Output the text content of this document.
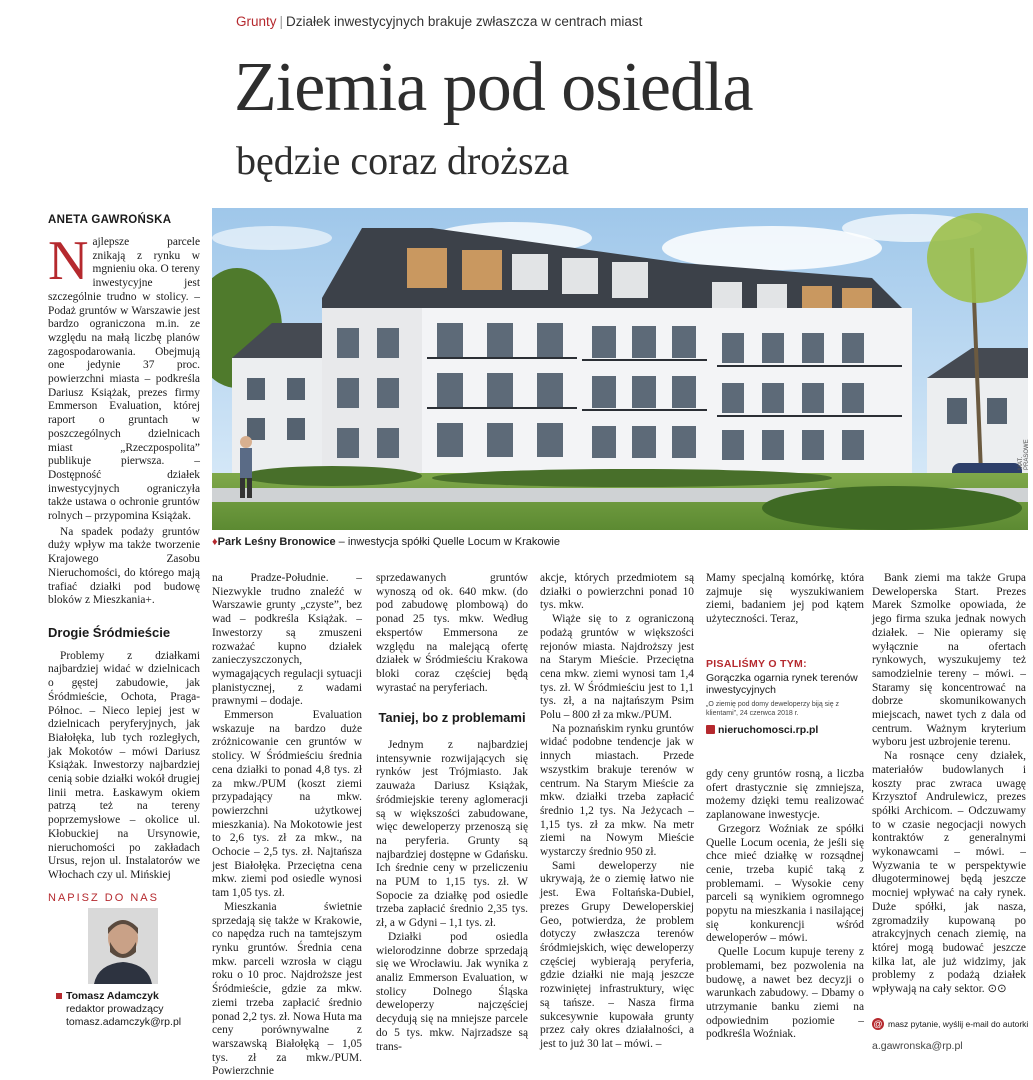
Grunty | Działek inwestycyjnych brakuje zwłaszcza w centrach miast
Ziemia pod osiedla
będzie coraz droższa
ANETA GAWROŃSKA
MAT. PRASOWE
♦Park Leśny Bronowice – inwestycja spółki Quelle Locum w Krakowie

Najlepsze parcele znikają z rynku w mgnieniu oka. O tereny inwestycyjne jest szczególnie trudno w stolicy. – Podaż gruntów w Warszawie jest bardzo ograniczona m.in. ze względu na małą liczbę planów zagospodarowania. Obejmują one jedynie 37 proc. powierzchni miasta – podkreśla Dariusz Książak, prezes firmy Emmerson Evaluation, której raport o gruntach w poszczególnych dzielnicach miast „Rzeczpospolita” publikuje pierwsza. – Dostępność działek inwestycyjnych ograniczyła także ustawa o ochronie gruntów rolnych – przypomina Książak.

Na spadek podaży gruntów duży wpływ ma także tworzenie Krajowego Zasobu Nieruchomości, do którego mają trafiać działki pod budowę bloków z Mieszkania+.

Drogie Śródmieście

Problemy z działkami najbardziej widać w dzielnicach o gęstej zabudowie, jak Śródmieście, Ochota, Praga-Północ. – Nieco lepiej jest w dzielnicach peryferyjnych, jak Białołęka, lub tych rozległych, jak Mokotów – mówi Dariusz Książak. Inwestorzy najbardziej cenią sobie działki wokół drugiej linii metra. Łaskawym okiem patrzą też na tereny poprzemysłowe – okolice ul. Kłobuckiej na Ursynowie, nieruchomości po zakładach Ursus, rejon ul. Instalatorów we Włochach czy ul. Mińskiej

NAPISZ DO NAS
Tomasz Adamczyk
redaktor prowadzący
tomasz.adamczyk@rp.pl

na Pradze-Południe. – Niezwykle trudno znaleźć w Warszawie grunty „czyste”, bez wad – podkreśla Książak. – Inwestorzy są zmuszeni rozważać kupno działek zanieczyszczonych, wymagających regulacji sytuacji planistycznej, z wadami prawnymi – dodaje.

Emmerson Evaluation wskazuje na bardzo duże zróżnicowanie cen gruntów w stolicy. W Śródmieściu średnia cena działki to ponad 4,8 tys. zł za mkw./PUM (koszt ziemi przypadający na mkw. powierzchni użytkowej mieszkania). Na Mokotowie jest to 2,6 tys. zł za mkw., na Ochocie – 2,5 tys. zł. Najtańsza jest Białołęka. Przeciętna cena mkw. ziemi pod osiedle wynosi tam 1,05 tys. zł.

Mieszkania świetnie sprzedają się także w Krakowie, co napędza ruch na tamtejszym rynku gruntów. Średnia cena mkw. parceli wzrosła w ciągu roku o 10 proc. Najdroższe jest Śródmieście, gdzie za mkw. ziemi trzeba zapłacić średnio ponad 2,2 tys. zł. Nowa Huta ma ceny porównywalne z warszawską Białołęką – 1,05 tys. zł za mkw./PUM. Powierzchnie

sprzedawanych gruntów wynoszą od ok. 640 mkw. (do pod zabudowę plombową) do ponad 25 tys. mkw. Według ekspertów Emmersona ze względu na malejącą ofertę działek w Śródmieściu Krakowa bloki coraz częściej będą wyrastać na peryferiach.

Taniej, bo z problemami

Jednym z najbardziej intensywnie rozwijających się rynków jest Trójmiasto. Jak zauważa Dariusz Książak, śródmiejskie tereny aglomeracji są w większości zabudowane, więc deweloperzy przenoszą się na peryferia. Grunty są najbardziej dostępne w Gdańsku. Ich średnie ceny w przeliczeniu na PUM to 1,15 tys. zł. W Sopocie za działkę pod osiedle trzeba zapłacić średnio 2,35 tys. zł, a w Gdyni – 1,1 tys. zł.

Działki pod osiedla wielorodzinne dobrze sprzedają się we Wrocławiu. Jak wynika z analiz Emmerson Evaluation, w stolicy Dolnego Śląska deweloperzy najczęściej decydują się na mniejsze parcele do 5 tys. mkw. Najrzadsze są trans-

akcje, których przedmiotem są działki o powierzchni ponad 10 tys. mkw.

Wiąże się to z ograniczoną podażą gruntów w większości rejonów miasta. Najdroższy jest na Starym Mieście. Przeciętna cena mkw. ziemi wynosi tam 1,4 tys. zł. W Śródmieściu jest to 1,1 tys. zł, a na najtańszym Psim Polu – 800 zł za mkw./PUM.

Na poznańskim rynku gruntów widać podobne tendencje jak w innych miastach. Przede wszystkim brakuje terenów w centrum. Na Starym Mieście za mkw. działki trzeba zapłacić średnio 1,2 tys. Na Jeżycach – 1,15 tys. zł za mkw. Na metr ziemi na Nowym Mieście wystarczy średnio 950 zł.

Sami deweloperzy nie ukrywają, że o ziemię łatwo nie jest. Ewa Foltańska-Dubiel, prezes Grupy Deweloperskiej Geo, potwierdza, że problem dotyczy zwłaszcza terenów śródmiejskich, więc deweloperzy częściej wybierają peryferia, gdzie działki nie mają jeszcze rozwiniętej infrastruktury, więc są tańsze. – Nasza firma sukcesywnie kupowała grunty przez cały okres działalności, a jest to już 30 lat – mówi. –

Mamy specjalną komórkę, która zajmuje się wyszukiwaniem ziemi, badaniem jej pod kątem użyteczności. Teraz,

PISALIŚMY O TYM:
Gorączka ogarnia rynek terenów inwestycyjnych
„O ziemię pod domy deweloperzy biją się z klientami”, 24 czerwca 2018 r.
nieruchomosci.rp.pl

gdy ceny gruntów rosną, a liczba ofert drastycznie się zmniejsza, możemy dzięki temu realizować zaplanowane inwestycje.

Grzegorz Woźniak ze spółki Quelle Locum ocenia, że jeśli się chce mieć działkę w rozsądnej cenie, trzeba kupić taką z problemami. – Wysokie ceny parceli są wynikiem ogromnego popytu na mieszkania i nasilającej się konkurencji wśród deweloperów – mówi.

Quelle Locum kupuje tereny z problemami, bez pozwolenia na budowę, a nawet bez decyzji o warunkach zabudowy. – Dbamy o utrzymanie banku ziemi na odpowiednim poziomie – podkreśla Woźniak.

Bank ziemi ma także Grupa Deweloperska Start. Prezes Marek Szmolke opowiada, że jego firma szuka jednak nowych działek. – Nie opieramy się wyłącznie na ofertach rynkowych, wyszukujemy też samodzielnie tereny – mówi. – Staramy się koncentrować na dobrze skomunikowanych miejscach, nawet tych z dala od centrum. Ważnym kryterium wyboru jest uzbrojenie terenu.

Na rosnące ceny działek, materiałów budowlanych i koszty prac zwraca uwagę Krzysztof Andrulewicz, prezes spółki Archicom. – Odczuwamy to w czasie negocjacji nowych kontraktów z generalnymi wykonawcami – mówi. – Wyzwania te w perspektywie długoterminowej będą jeszcze mocniej wpływać na cały rynek. Duże spółki, jak nasza, zgromadziły kupowaną po atrakcyjnych cenach ziemię, na której mogą budować jeszcze kilka lat, ale już widzimy, jak problemy z podażą działek wpływają na cały sektor. ⊙⊙

@ masz pytanie, wyślij e-mail do autorki
a.gawronska@rp.pl
